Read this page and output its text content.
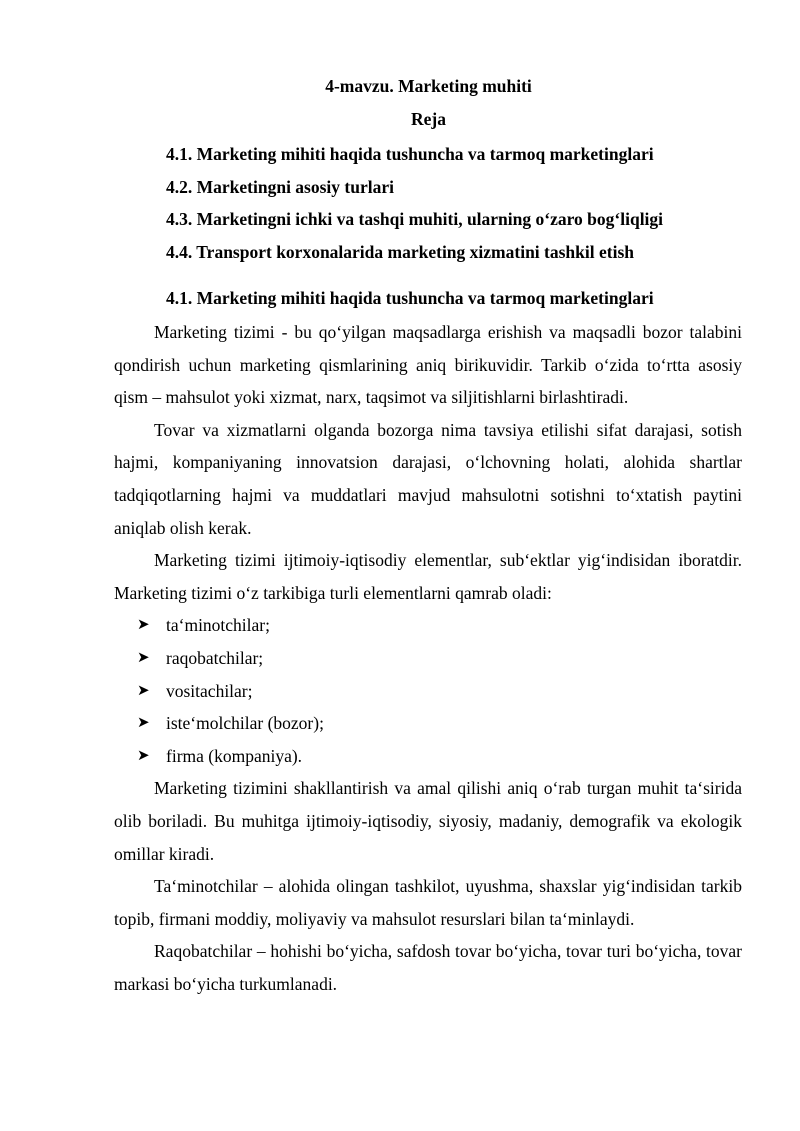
4-mavzu. Marketing muhiti
Reja
4.1. Marketing mihiti haqida tushuncha va tarmoq marketinglari
4.2. Marketingni asosiy turlari
4.3. Marketingni ichki va tashqi muhiti, ularning o‘zaro bog‘liqligi
4.4. Transport korxonalarida marketing xizmatini tashkil etish
4.1. Marketing mihiti haqida tushuncha va tarmoq marketinglari

Marketing tizimi - bu qo‘yilgan maqsadlarga erishish va maqsadli bozor talabini qondirish uchun marketing qismlarining aniq birikuvidir. Tarkib o‘zida to‘rtta asosiy qism – mahsulot yoki xizmat, narx, taqsimot va siljitishlarni birlashtiradi.

Tovar va xizmatlarni olganda bozorga nima tavsiya etilishi sifat darajasi, sotish hajmi, kompaniyaning innovatsion darajasi, o‘lchovning holati, alohida shartlar tadqiqotlarning hajmi va muddatlari mavjud mahsulotni sotishni to‘xtatish paytini aniqlab olish kerak.

Marketing tizimi ijtimoiy-iqtisodiy elementlar, sub‘ektlar yig‘indisidan iboratdir. Marketing tizimi o‘z tarkibiga turli elementlarni qamrab oladi:

➤ ta‘minotchilar;
➤ raqobatchilar;
➤ vositachilar;
➤ iste‘molchilar (bozor);
➤ firma (kompaniya).

Marketing tizimini shakllantirish va amal qilishi aniq o‘rab turgan muhit ta‘sirida olib boriladi. Bu muhitga ijtimoiy-iqtisodiy, siyosiy, madaniy, demografik va ekologik omillar kiradi.

Ta‘minotchilar – alohida olingan tashkilot, uyushma, shaxslar yig‘indisidan tarkib topib, firmani moddiy, moliyaviy va mahsulot resurslari bilan ta‘minlaydi.

Raqobatchilar – hohishi bo‘yicha, safdosh tovar bo‘yicha, tovar turi bo‘yicha, tovar markasi bo‘yicha turkumlanadi.
